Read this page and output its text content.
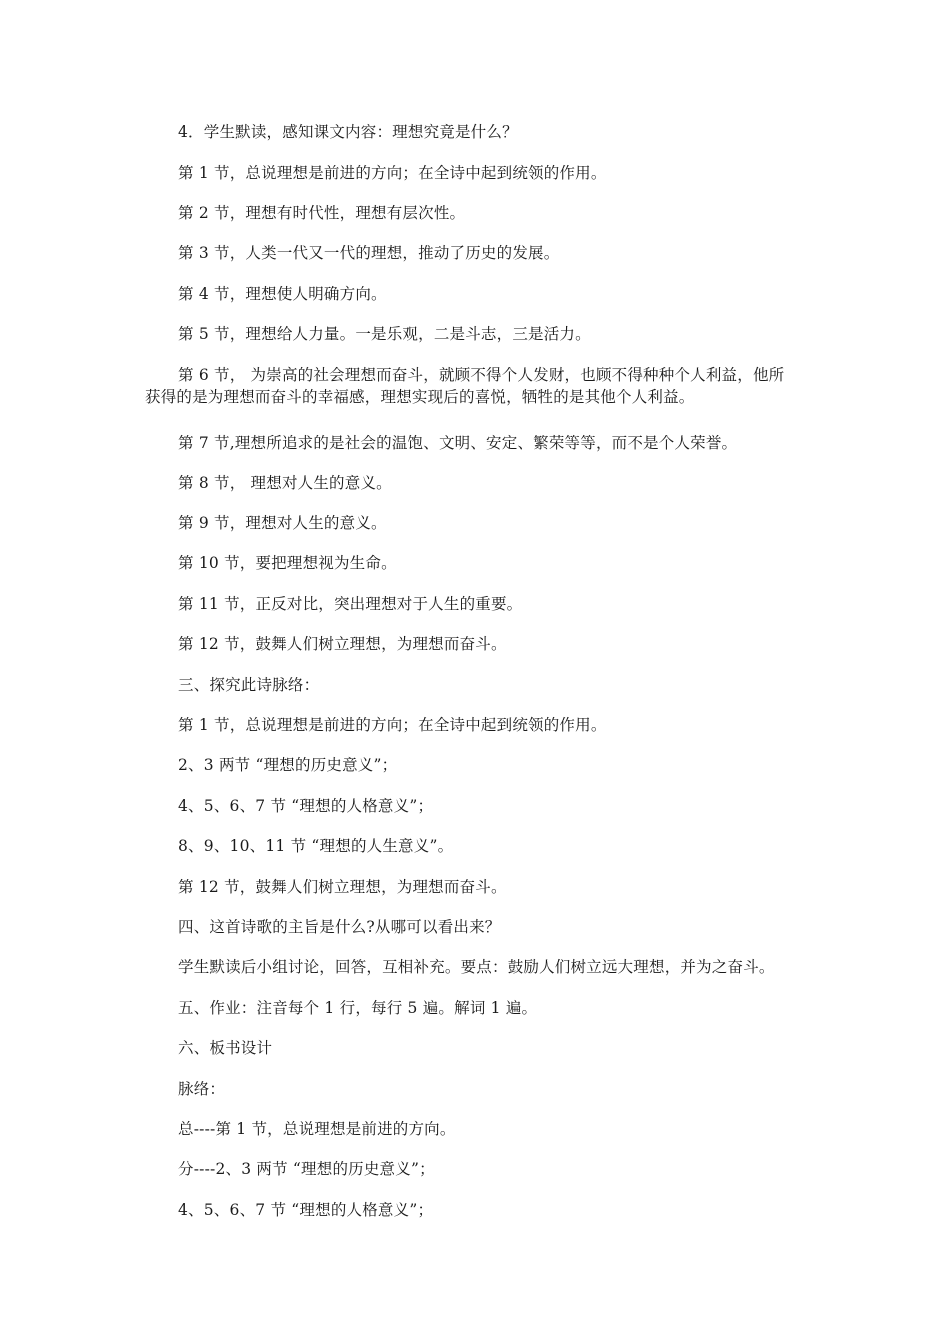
4．学生默读，感知课文内容：理想究竟是什么？
第 1 节，总说理想是前进的方向；在全诗中起到统领的作用。
第 2 节，理想有时代性，理想有层次性。
第 3 节，人类一代又一代的理想，推动了历史的发展。
第 4 节，理想使人明确方向。
第 5 节，理想给人力量。一是乐观，二是斗志，三是活力。
第 6 节， 为崇高的社会理想而奋斗，就顾不得个人发财，也顾不得种种个人利益，他所获得的是为理想而奋斗的幸福感，理想实现后的喜悦，牺牲的是其他个人利益。
第 7 节,理想所追求的是社会的温饱、文明、安定、繁荣等等，而不是个人荣誉。
第 8 节， 理想对人生的意义。
第 9 节，理想对人生的意义。
第 10 节，要把理想视为生命。
第 11 节，正反对比，突出理想对于人生的重要。
第 12 节，鼓舞人们树立理想，为理想而奋斗。
三、探究此诗脉络：
第 1 节，总说理想是前进的方向；在全诗中起到统领的作用。
2、3 两节 “理想的历史意义”；
4、5、6、7 节 “理想的人格意义”；
8、9、10、11 节 “理想的人生意义”。
第 12 节，鼓舞人们树立理想，为理想而奋斗。
四、这首诗歌的主旨是什么?从哪可以看出来？
学生默读后小组讨论，回答，互相补充。要点：鼓励人们树立远大理想，并为之奋斗。
五、作业：注音每个 1 行，每行 5 遍。解词 1 遍。
六、板书设计
脉络：
总----第 1 节，总说理想是前进的方向。
分----2、3 两节 “理想的历史意义”；
4、5、6、7 节 “理想的人格意义”；
